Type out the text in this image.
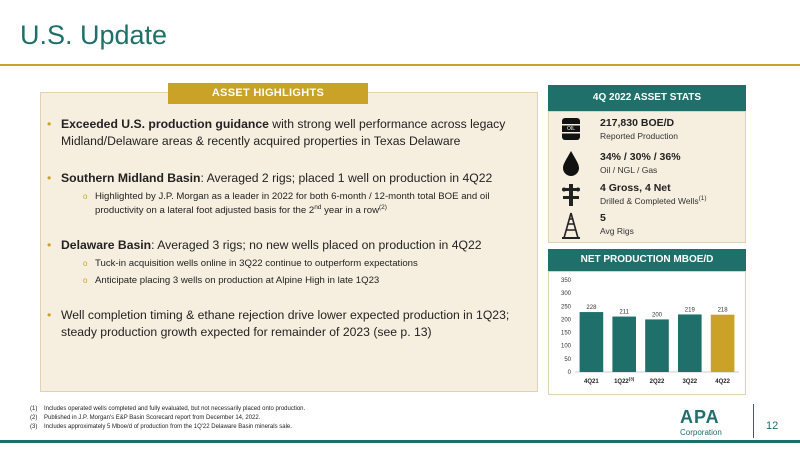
U.S. Update
ASSET HIGHLIGHTS
• Exceeded U.S. production guidance with strong well performance across legacy Midland/Delaware areas & recently acquired properties in Texas Delaware
• Southern Midland Basin: Averaged 2 rigs; placed 1 well on production in 4Q22
o Highlighted by J.P. Morgan as a leader in 2022 for both 6-month / 12-month total BOE and oil productivity on a lateral foot adjusted basis for the 2nd year in a row$^{(2)}$
• Delaware Basin: Averaged 3 rigs; no new wells placed on production in 4Q22
o Tuck-in acquisition wells online in 3Q22 continue to outperform expectations
o Anticipate placing 3 wells on production at Alpine High in late 1Q23
• Well completion timing & ethane rejection drive lower expected production in 1Q23; steady production growth expected for remainder of 2023 (see p. 13)
4Q 2022 ASSET STATS
OIL 217,830 BOE/D
Reported Production
34% / 30% / 36%
Oil / NGL / Gas
4 Gross, 4 Net
Drilled & Completed Wells$^{(1)}$
5
Avg Rigs
NET PRODUCTION MBOE/D
0
50
100
150
200
250
300
350
228
4Q21
211
1Q22$^{(3)}$
200
2Q22
219
3Q22
218
4Q22
(1)	Includes operated wells completed and fully evaluated, but not necessarily placed onto production.
(2)	Published in J.P. Morgan's E&P Basin Scorecard report from December 14, 2022.
(3)	Includes approximately 5 Mboe/d of production from the 1Q'22 Delaware Basin minerals sale.	APA
Corporation
12
